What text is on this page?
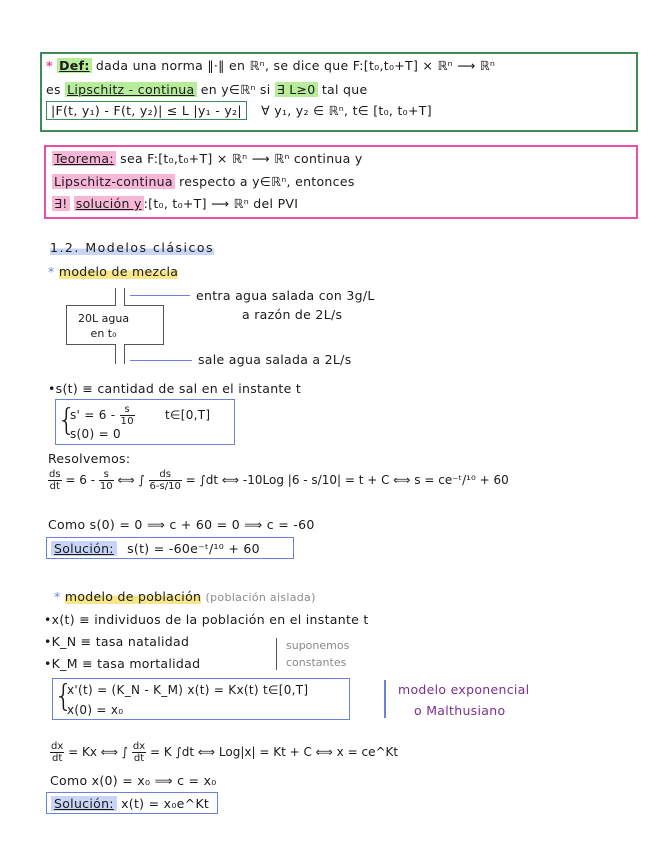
* Def: dada una norma ‖·‖ en ℝⁿ, se dice que F:[t₀,t₀+T] × ℝⁿ ⟶ ℝⁿ
es Lipschitz - continua en y∈ℝⁿ si ∃ L≥0 tal que
|F(t, y₁) - F(t, y₂)| ≤ L |y₁ - y₂| ∀ y₁, y₂ ∈ ℝⁿ, t∈ [t₀, t₀+T]
Teorema: sea F:[t₀,t₀+T] × ℝⁿ ⟶ ℝⁿ continua y
Lipschitz-continua respecto a y∈ℝⁿ, entonces
∃! solución y :[t₀, t₀+T] ⟶ ℝⁿ del PVI
1.2. Modelos clásicos
* modelo de mezcla
20L agua
en t₀
entra agua salada con 3g/L
a razón de 2L/s
sale agua salada a 2L/s
•s(t) ≡ cantidad de sal en el instante t
{
$s' = 6 - \frac{s}{10}$	t∈[0,T]
s(0) = 0
Resolvemos:
$\frac{ds}{dt} = 6 - \frac{s}{10}$ ⟺ ∫ $\frac{ds}{6-s/10} = \int dt$ ⟺ -10Log |6 - s/10| = t + C ⟺ s = ce⁻ᵗ/¹⁰ + 60
Como s(0) = 0 ⟹ c + 60 = 0 ⟹ c = -60
Solución: s(t) = -60e⁻ᵗ/¹⁰ + 60
* modelo de población (población aislada)
•x(t) ≡ individuos de la población en el instante t
•K_N ≡ tasa natalidad
•K_M ≡ tasa mortalidad
suponemos
constantes
{
x'(t) = (K_N - K_M) x(t) = Kx(t) t∈[0,T]
x(0) = x₀
modelo exponencial
o Malthusiano
$\frac{dx}{dt} = Kx$ ⟺ ∫ $\frac{dx}{dt} = K$ ∫dt ⟺ Log|x| = Kt + C ⟺ x = ce^Kt
Como x(0) = x₀ ⟹ c = x₀
Solución: x(t) = x₀e^Kt
